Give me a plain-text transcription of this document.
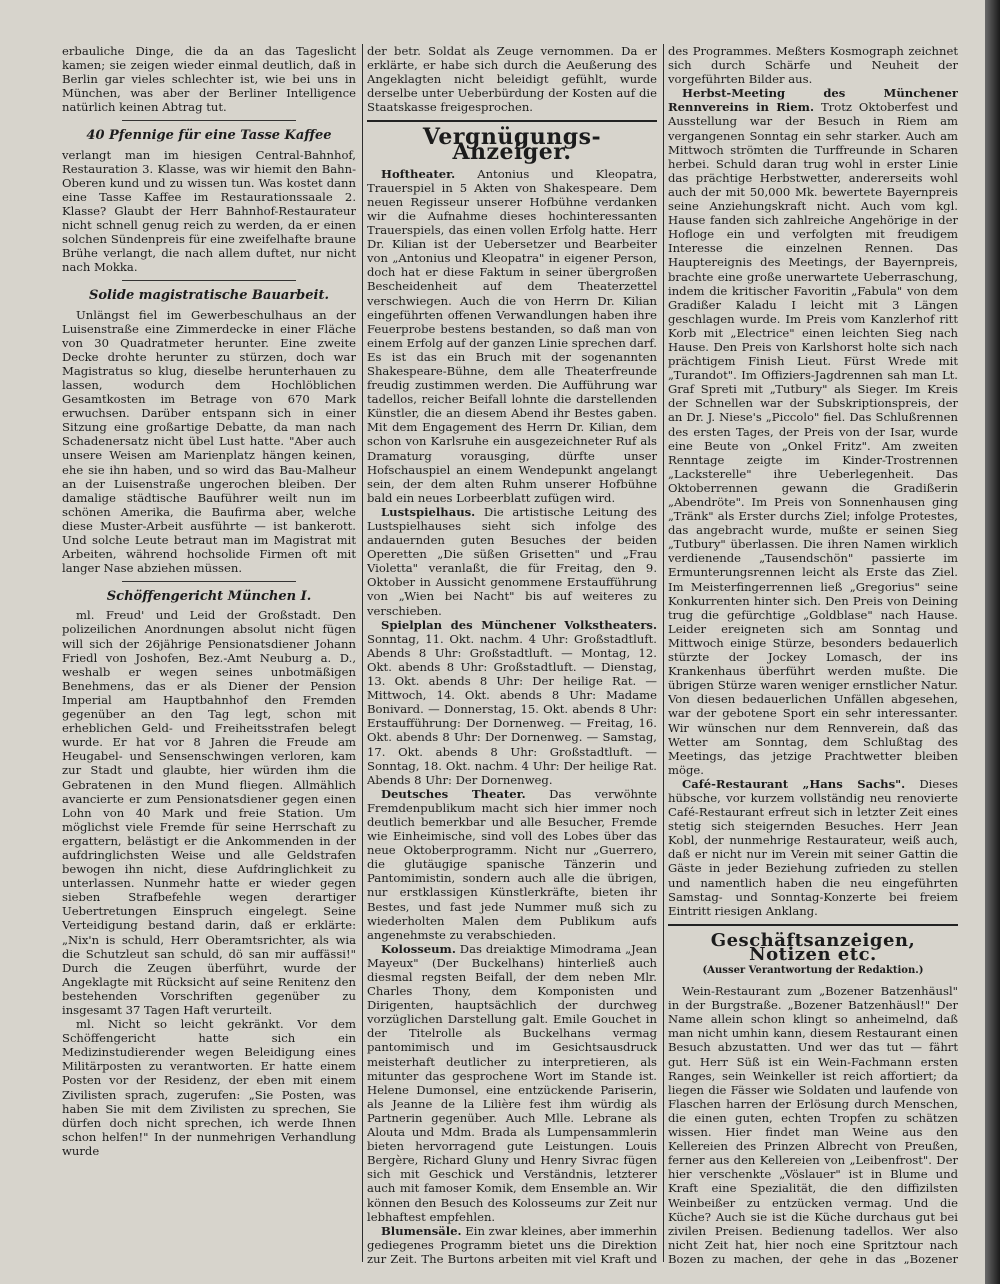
erbauliche Dinge, die da an das Tageslicht kamen; sie zeigen wieder einmal deutlich, daß in Berlin gar vieles schlechter ist, wie bei uns in München, was aber der Berliner Intelligence natürlich keinen Abtrag tut.

40 Pfennige für eine Tasse Kaffee

verlangt man im hiesigen Central-Bahnhof, Restauration 3. Klasse, was wir hiemit den Bahn-Oberen kund und zu wissen tun. Was kostet dann eine Tasse Kaffee im Restaurationssaale 2. Klasse? Glaubt der Herr Bahnhof-Restaurateur nicht schnell genug reich zu werden, da er einen solchen Sündenpreis für eine zweifelhafte braune Brühe verlangt, die nach allem duftet, nur nicht nach Mokka.

Solide magistratische Bauarbeit.

Unlängst fiel im Gewerbeschulhaus an der Luisenstraße eine Zimmerdecke in einer Fläche von 30 Quadratmeter herunter. Eine zweite Decke drohte herunter zu stürzen, doch war Magistratus so klug, dieselbe herunterhauen zu lassen, wodurch dem Hochlöblichen Gesamtkosten im Betrage von 670 Mark erwuchsen. Darüber entspann sich in einer Sitzung eine großartige Debatte, da man nach Schadenersatz nicht übel Lust hatte. "Aber auch unsere Weisen am Marienplatz hängen keinen, ehe sie ihn haben, und so wird das Bau-Malheur an der Luisenstraße ungerochen bleiben. Der damalige städtische Bauführer weilt nun im schönen Amerika, die Baufirma aber, welche diese Muster-Arbeit ausführte — ist bankerott. Und solche Leute betraut man im Magistrat mit Arbeiten, während hochsolide Firmen oft mit langer Nase abziehen müssen.

Schöffengericht München I.

ml. Freud' und Leid der Großstadt. Den polizeilichen Anordnungen absolut nicht fügen will sich der 26jährige Pensionatsdiener Johann Friedl von Joshofen, Bez.-Amt Neuburg a. D., weshalb er wegen seines unbotmäßigen Benehmens, das er als Diener der Pension Imperial am Hauptbahnhof den Fremden gegenüber an den Tag legt, schon mit erheblichen Geld- und Freiheitsstrafen belegt wurde. Er hat vor 8 Jahren die Freude am Heugabel- und Sensenschwingen verloren, kam zur Stadt und glaubte, hier würden ihm die Gebratenen in den Mund fliegen. Allmählich avancierte er zum Pensionatsdiener gegen einen Lohn von 40 Mark und freie Station. Um möglichst viele Fremde für seine Herrschaft zu ergattern, belästigt er die Ankommenden in der aufdringlichsten Weise und alle Geldstrafen bewogen ihn nicht, diese Aufdringlichkeit zu unterlassen. Nunmehr hatte er wieder gegen sieben Strafbefehle wegen derartiger Uebertretungen Einspruch eingelegt. Seine Verteidigung bestand darin, daß er erklärte: „Nix'n is schuld, Herr Oberamtsrichter, als wia die Schutzleut san schuld, dö san mir auffässi!" Durch die Zeugen überführt, wurde der Angeklagte mit Rücksicht auf seine Renitenz den bestehenden Vorschriften gegenüber zu insgesamt 37 Tagen Haft verurteilt.

ml. Nicht so leicht gekränkt. Vor dem Schöffengericht hatte sich ein Medizinstudierender wegen Beleidigung eines Militärposten zu verantworten. Er hatte einem Posten vor der Residenz, der eben mit einem Zivilisten sprach, zugerufen: „Sie Posten, was haben Sie mit dem Zivilisten zu sprechen, Sie dürfen doch nicht sprechen, ich werde Ihnen schon helfen!" In der nunmehrigen Verhandlung wurde

der betr. Soldat als Zeuge vernommen. Da er erklärte, er habe sich durch die Aeußerung des Angeklagten nicht beleidigt gefühlt, wurde derselbe unter Ueberbürdung der Kosten auf die Staatskasse freigesprochen.

Vergnügungs-Anzeiger.

Hoftheater. Antonius und Kleopatra, Trauerspiel in 5 Akten von Shakespeare. Dem neuen Regisseur unserer Hofbühne verdanken wir die Aufnahme dieses hochinteressanten Trauerspiels, das einen vollen Erfolg hatte. Herr Dr. Kilian ist der Uebersetzer und Bearbeiter von „Antonius und Kleopatra" in eigener Person, doch hat er diese Faktum in seiner übergroßen Bescheidenheit auf dem Theaterzettel verschwiegen. Auch die von Herrn Dr. Kilian eingeführten offenen Verwandlungen haben ihre Feuerprobe bestens bestanden, so daß man von einem Erfolg auf der ganzen Linie sprechen darf. Es ist das ein Bruch mit der sogenannten Shakespeare-Bühne, dem alle Theaterfreunde freudig zustimmen werden. Die Aufführung war tadellos, reicher Beifall lohnte die darstellenden Künstler, die an diesem Abend ihr Bestes gaben. Mit dem Engagement des Herrn Dr. Kilian, dem schon von Karlsruhe ein ausgezeichneter Ruf als Dramaturg vorausging, dürfte unser Hofschauspiel an einem Wendepunkt angelangt sein, der dem alten Ruhm unserer Hofbühne bald ein neues Lorbeerblatt zufügen wird.

Lustspielhaus. Die artistische Leitung des Lustspielhauses sieht sich infolge des andauernden guten Besuches der beiden Operetten „Die süßen Grisetten" und „Frau Violetta" veranlaßt, die für Freitag, den 9. Oktober in Aussicht genommene Erstaufführung von „Wien bei Nacht" bis auf weiteres zu verschieben.

Spielplan des Münchener Volkstheaters. Sonntag, 11. Okt. nachm. 4 Uhr: Großstadtluft. Abends 8 Uhr: Großstadtluft. — Montag, 12. Okt. abends 8 Uhr: Großstadtluft. — Dienstag, 13. Okt. abends 8 Uhr: Der heilige Rat. — Mittwoch, 14. Okt. abends 8 Uhr: Madame Bonivard. — Donnerstag, 15. Okt. abends 8 Uhr: Erstaufführung: Der Dornenweg. — Freitag, 16. Okt. abends 8 Uhr: Der Dornenweg. — Samstag, 17. Okt. abends 8 Uhr: Großstadtluft. — Sonntag, 18. Okt. nachm. 4 Uhr: Der heilige Rat. Abends 8 Uhr: Der Dornenweg.

Deutsches Theater. Das verwöhnte Fremdenpublikum macht sich hier immer noch deutlich bemerkbar und alle Besucher, Fremde wie Einheimische, sind voll des Lobes über das neue Oktoberprogramm. Nicht nur „Guerrero, die glutäugige spanische Tänzerin und Pantomimistin, sondern auch alle die übrigen, nur erstklassigen Künstlerkräfte, bieten ihr Bestes, und fast jede Nummer muß sich zu wiederholten Malen dem Publikum aufs angenehmste zu verabschieden.

Kolosseum. Das dreiaktige Mimodrama „Jean Mayeux" (Der Buckelhans) hinterließ auch diesmal regsten Beifall, der dem neben Mlr. Charles Thony, dem Komponisten und Dirigenten, hauptsächlich der durchweg vorzüglichen Darstellung galt. Emile Gouchet in der Titelrolle als Buckelhans vermag pantomimisch und im Gesichtsausdruck meisterhaft deutlicher zu interpretieren, als mitunter das gesprochene Wort im Stande ist. Helene Dumonsel, eine entzückende Pariserin, als Jeanne de la Lilière fest ihm würdig als Partnerin gegenüber. Auch Mlle. Lebrane als Alouta und Mdm. Brada als Lumpensammlerin bieten hervorragend gute Leistungen. Louis Bergère, Richard Gluny und Henry Sivrac fügen sich mit Geschick und Verständnis, letzterer auch mit famoser Komik, dem Ensemble an. Wir können den Besuch des Kolosseums zur Zeit nur lebhaftest empfehlen.

Blumensäle. Ein zwar kleines, aber immerhin gediegenes Programm bietet uns die Direktion zur Zeit. The Burtons arbeiten mit viel Kraft und

des Programmes. Meßters Kosmograph zeichnet sich durch Schärfe und Neuheit der vorgeführten Bilder aus.

Herbst-Meeting des Münchener Rennvereins in Riem. Trotz Oktoberfest und Ausstellung war der Besuch in Riem am vergangenen Sonntag ein sehr starker. Auch am Mittwoch strömten die Turffreunde in Scharen herbei. Schuld daran trug wohl in erster Linie das prächtige Herbstwetter, andererseits wohl auch der mit 50,000 Mk. bewertete Bayernpreis seine Anziehungskraft nicht. Auch vom kgl. Hause fanden sich zahlreiche Angehörige in der Hofloge ein und verfolgten mit freudigem Interesse die einzelnen Rennen. Das Hauptereignis des Meetings, der Bayernpreis, brachte eine große unerwartete Ueberraschung, indem die kritischer Favoritin „Fabula" von dem Gradißer Kaladu I leicht mit 3 Längen geschlagen wurde. Im Preis vom Kanzlerhof ritt Korb mit „Electrice" einen leichten Sieg nach Hause. Den Preis von Karlshorst holte sich nach prächtigem Finish Lieut. Fürst Wrede mit „Turandot". Im Offiziers-Jagdrennen sah man Lt. Graf Spreti mit „Tutbury" als Sieger. Im Kreis der Schnellen war der Subskriptionspreis, der an Dr. J. Niese's „Piccolo" fiel. Das Schlußrennen des ersten Tages, der Preis von der Isar, wurde eine Beute von „Onkel Fritz". Am zweiten Renntage zeigte im Kinder-Trostrennen „Lacksterelle" ihre Ueberlegenheit. Das Oktoberrennen gewann die Gradißerin „Abendröte". Im Preis von Sonnenhausen ging „Tränk" als Erster durchs Ziel; infolge Protestes, das angebracht wurde, mußte er seinen Sieg „Tutbury" überlassen. Die ihren Namen wirklich verdienende „Tausendschön" passierte im Ermunterungsrennen leicht als Erste das Ziel. Im Meisterfingerrennen ließ „Gregorius" seine Konkurrenten hinter sich. Den Preis von Deining trug die gefürchtige „Goldblase" nach Hause. Leider ereigneten sich am Sonntag und Mittwoch einige Stürze, besonders bedauerlich stürzte der Jockey Lomasch, der ins Krankenhaus überführt werden mußte. Die übrigen Stürze waren weniger ernstlicher Natur. Von diesen bedauerlichen Unfällen abgesehen, war der gebotene Sport ein sehr interessanter. Wir wünschen nur dem Rennverein, daß das Wetter am Sonntag, dem Schlußtag des Meetings, das jetzige Prachtwetter bleiben möge.

Café-Restaurant „Hans Sachs". Dieses hübsche, vor kurzem vollständig neu renovierte Café-Restaurant erfreut sich in letzter Zeit eines stetig sich steigernden Besuches. Herr Jean Kobl, der nunmehrige Restaurateur, weiß auch, daß er nicht nur im Verein mit seiner Gattin die Gäste in jeder Beziehung zufrieden zu stellen und namentlich haben die neu eingeführten Samstag- und Sonntag-Konzerte bei freiem Eintritt riesigen Anklang.

Geschäftsanzeigen, Notizen etc.
(Ausser Verantwortung der Redaktion.)

Wein-Restaurant zum „Bozener Batzenhäusl" in der Burgstraße. „Bozener Batzenhäusl!" Der Name allein schon klingt so anheimelnd, daß man nicht umhin kann, diesem Restaurant einen Besuch abzustatten. Und wer das tut — fährt gut. Herr Süß ist ein Wein-Fachmann ersten Ranges, sein Weinkeller ist reich affortiert; da liegen die Fässer wie Soldaten und laufende von Flaschen harren der Erlösung durch Menschen, die einen guten, echten Tropfen zu schätzen wissen. Hier findet man Weine aus den Kellereien des Prinzen Albrecht von Preußen, ferner aus den Kellereien von „Leibenfrost". Der hier verschenkte „Vöslauer" ist in Blume und Kraft eine Spezialität, die den diffizilsten Weinbeißer zu entzücken vermag. Und die Küche? Auch sie ist die Küche durchaus gut bei zivilen Preisen. Bedienung tadellos. Wer also nicht Zeit hat, hier noch eine Spritztour nach Bozen zu machen, der gehe in das „Bozener
